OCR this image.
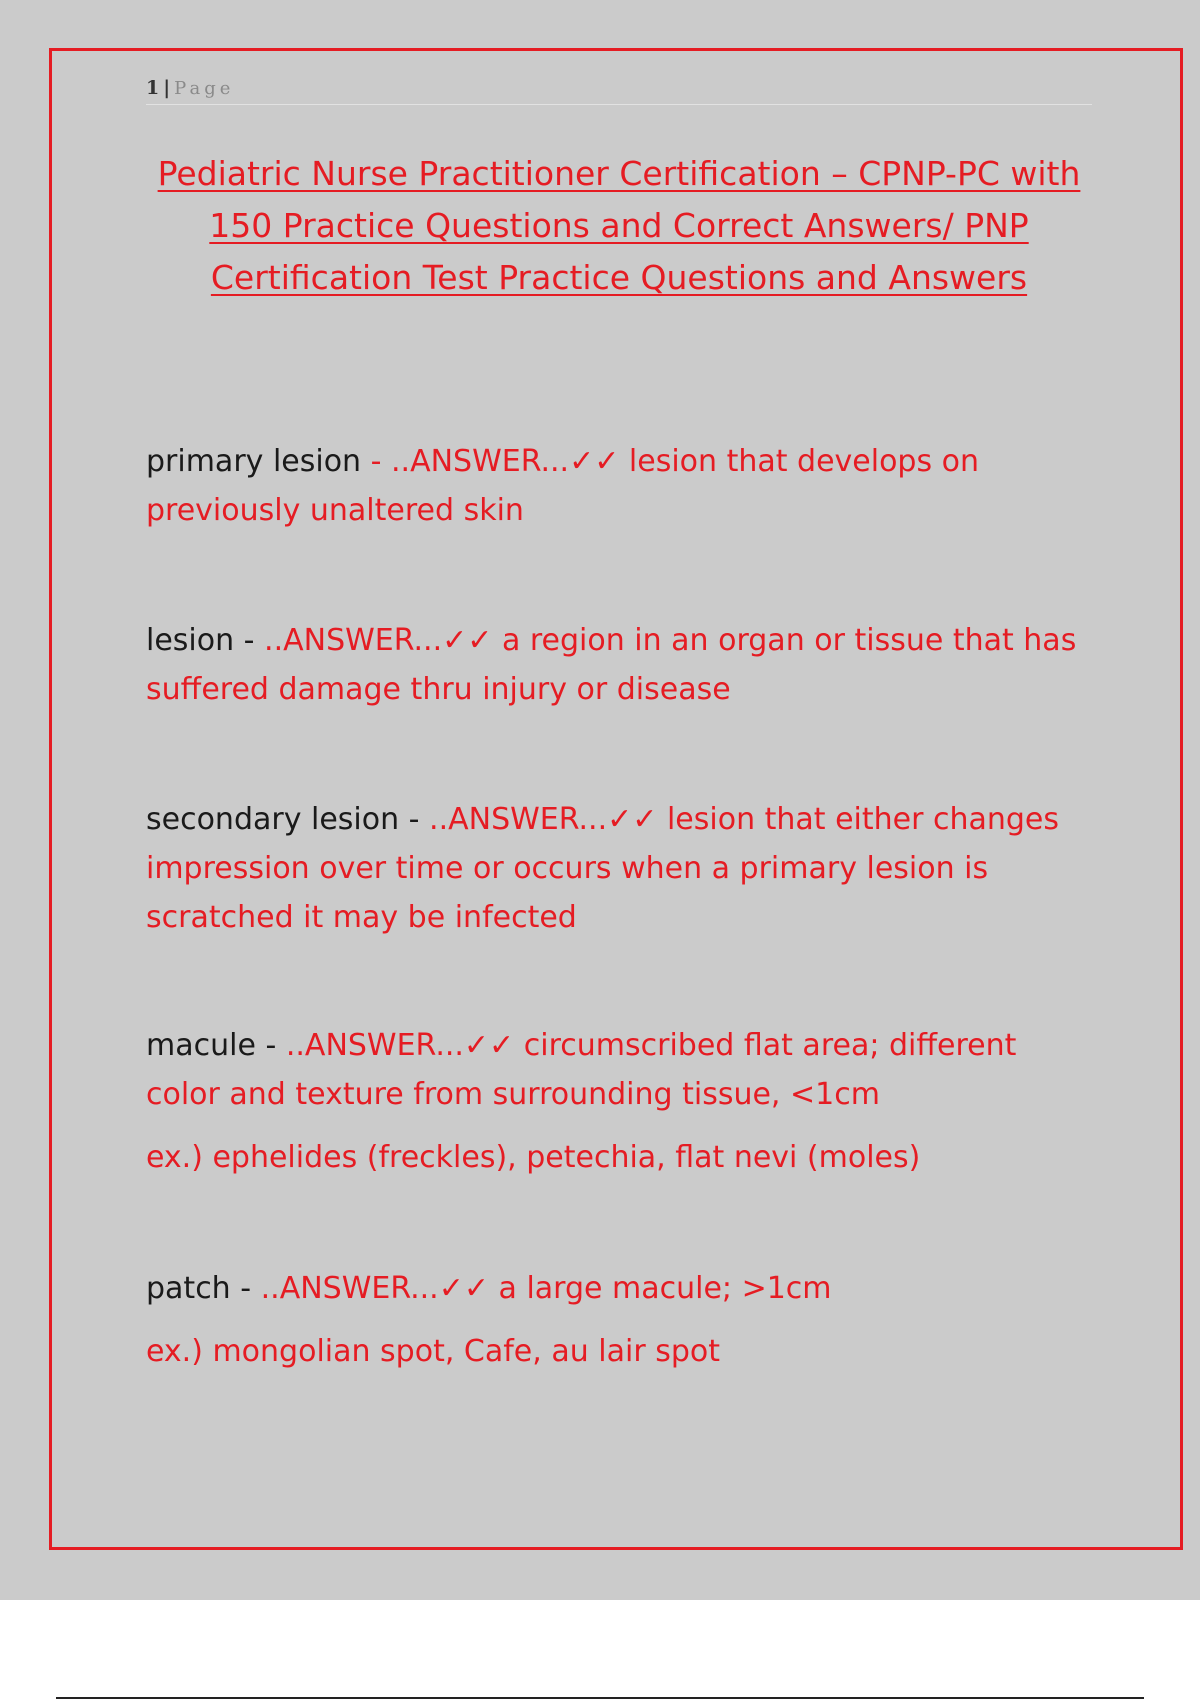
1 | Page
Pediatric Nurse Practitioner Certification – CPNP-PC with 150 Practice Questions and Correct Answers/ PNP Certification Test Practice Questions and Answers
primary lesion - ..ANSWER...✓✓ lesion that develops on previously unaltered skin
lesion - ..ANSWER...✓✓ a region in an organ or tissue that has suffered damage thru injury or disease
secondary lesion - ..ANSWER...✓✓ lesion that either changes impression over time or occurs when a primary lesion is scratched it may be infected
macule - ..ANSWER...✓✓ circumscribed flat area; different color and texture from surrounding tissue, <1cm
ex.) ephelides (freckles), petechia, flat nevi (moles)
patch - ..ANSWER...✓✓ a large macule; >1cm
ex.) mongolian spot, Cafe, au lair spot
